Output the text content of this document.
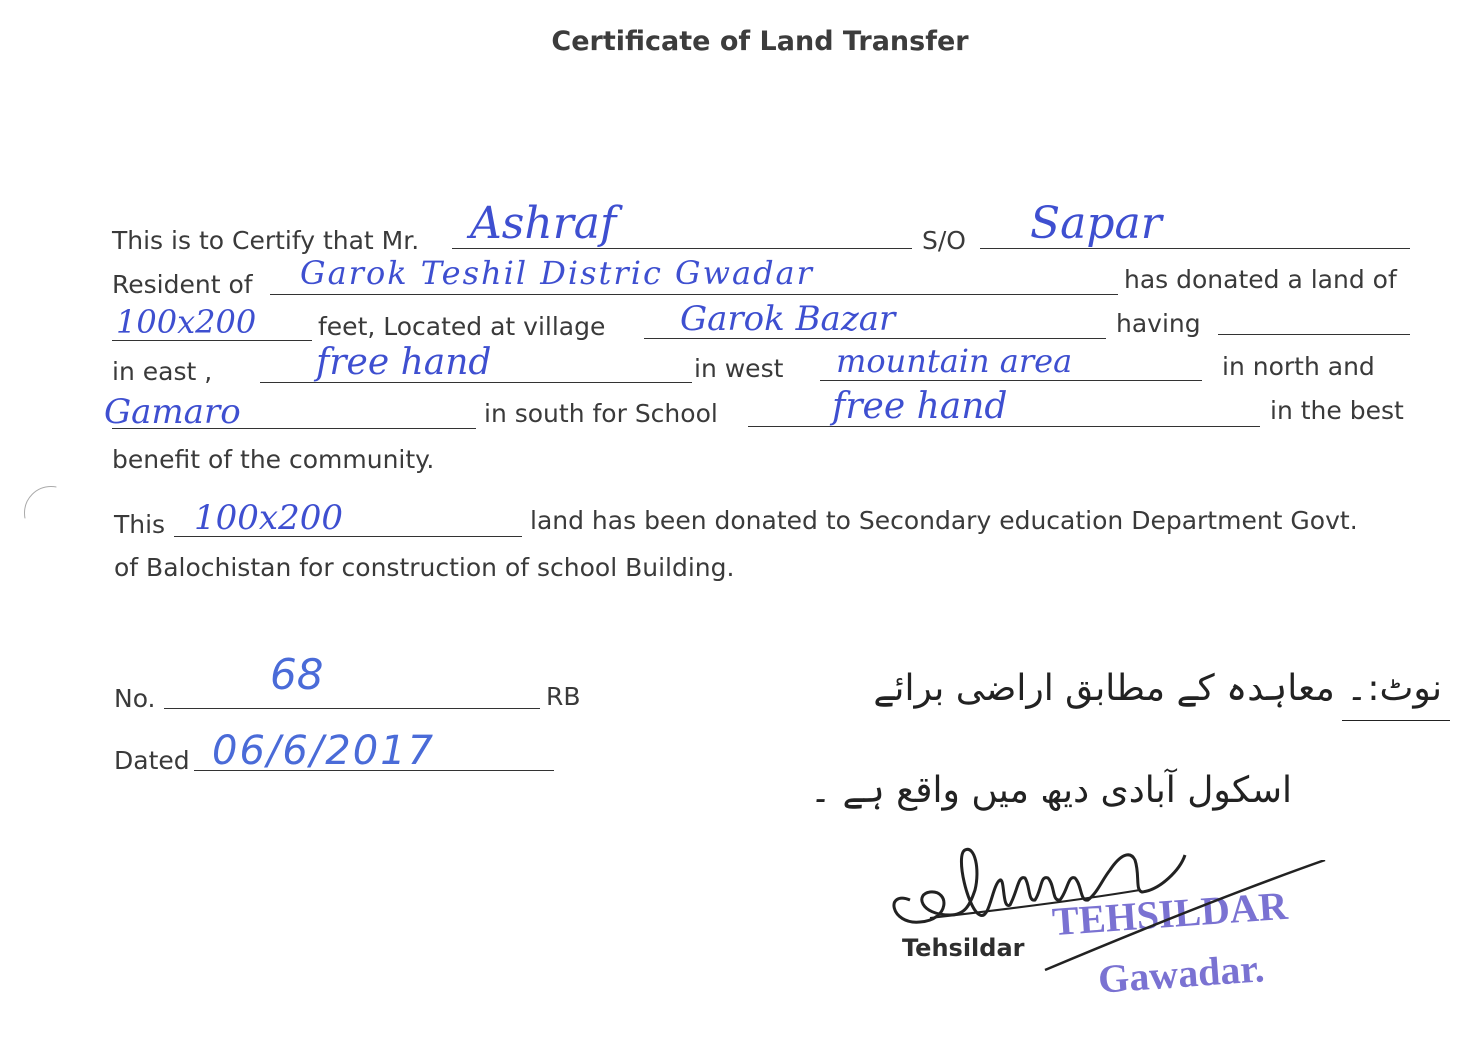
Certificate of Land Transfer
This is to Certify that Mr. Ashraf	S/O Sapar
Resident of Garok Teshil Distric Gwadar	has donated a land of
100x200 feet, Located at village Garok Bazar	having
in east ,	free hand	in west mountain area	in north and
Gamaro	in south for School	free hand	in the best
benefit of the community.
This 100x200	land has been donated to Secondary education Department Govt.
of Balochistan for construction of school Building.
No.	68	RB
Dated 06/6/2017
نوٹ:۔ معاہدہ کے مطابق اراضی برائے
اسکول آبادی دیھ میں واقع ہے ۔
Tehsildar
TEHSILDAR
Gawadar.
